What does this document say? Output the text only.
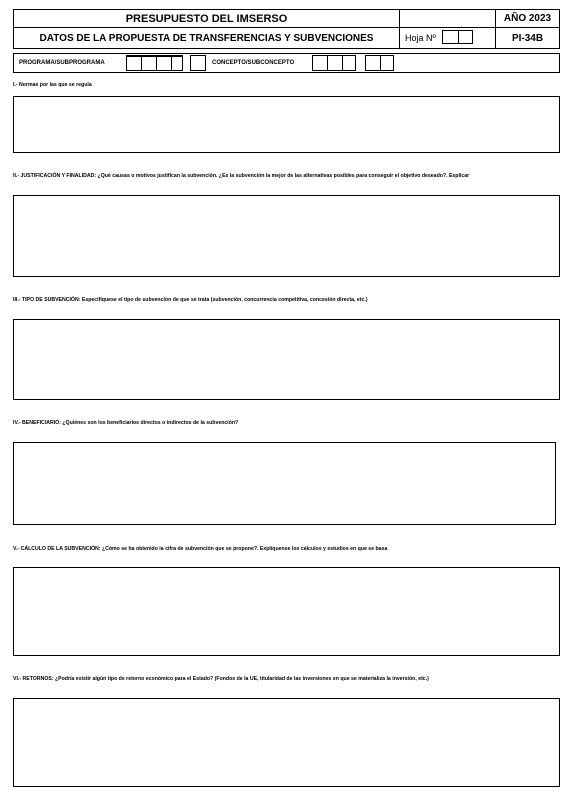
PRESUPUESTO DEL IMSERSO	AÑO 2023
DATOS DE LA PROPUESTA DE TRANSFERENCIAS Y SUBVENCIONES	Hoja Nº	PI-34B
PROGRAMA/SUBPROGRAMA	CONCEPTO/SUBCONCEPTO
I.- Normas por las que se regula
II.- JUSTIFICACIÓN Y FINALIDAD: ¿Qué causas o motivos justifican la subvención. ¿Es la subvención la mejor de las alternativas posibles para conseguir el objetivo deseado?. Explicar
III.- TIPO DE SUBVENCIÓN: Especifíquese el tipo de subvención de que se trata (subvención, concurrencia competitiva, concesión directa, etc.)
IV.- BENEFICIARIO: ¿Quiénes son los beneficiarios directos o indirectos de la subvención?
V.- CÁLCULO DE LA SUBVENCIÓN: ¿Cómo se ha obtenido la cifra de subvención que se propone?. Explíquense los cálculos y estudios en que se basa
VI.- RETORNOS: ¿Podría existir algún tipo de retorno económico para el Estado? (Fondos de la UE, titularidad de las inversiones en que se materializa la inversión, etc.)
